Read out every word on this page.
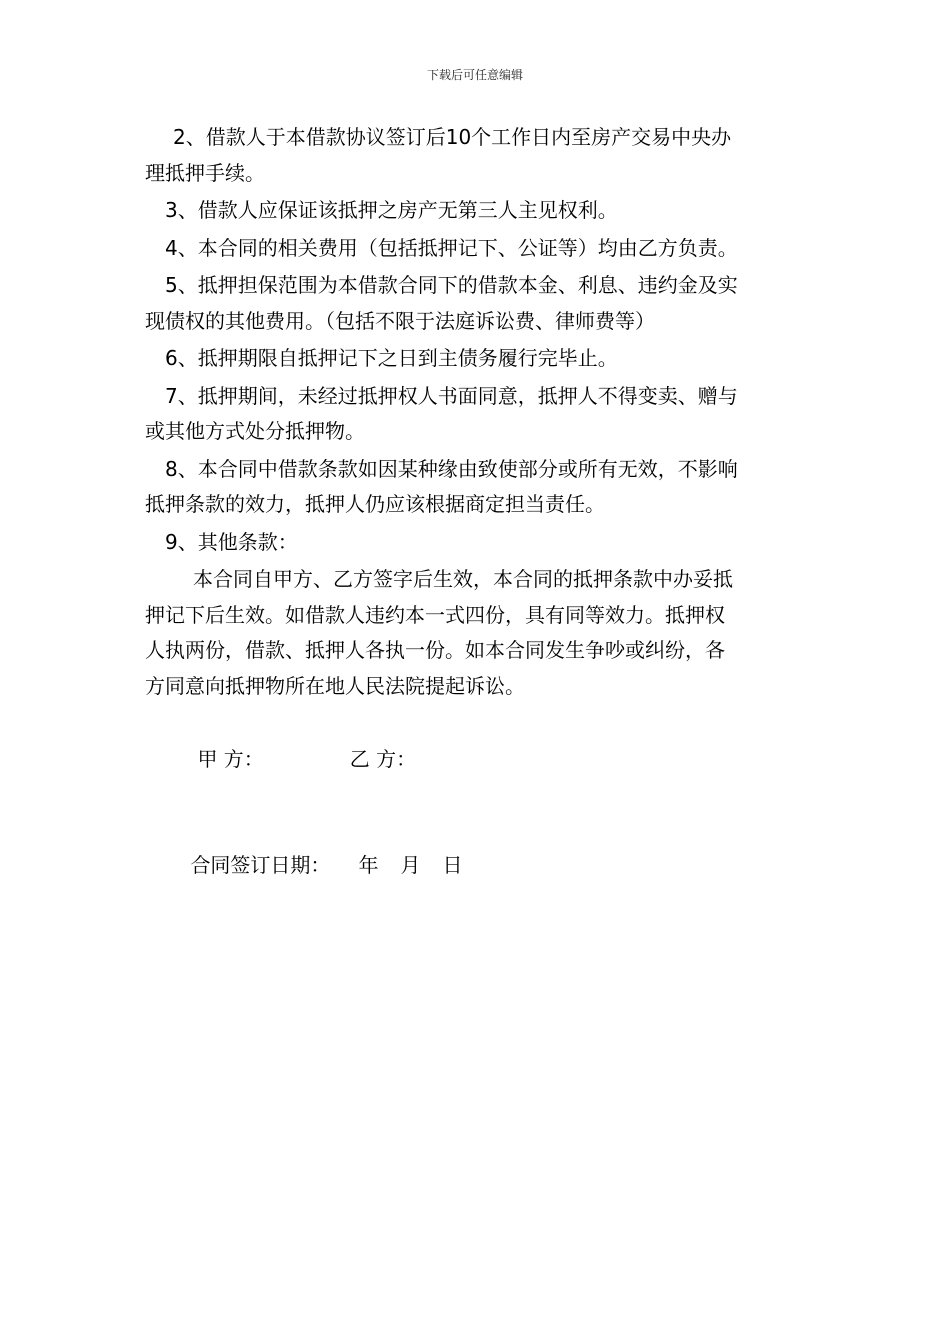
下载后可任意编辑
2、借款人于本借款协议签订后10个工作日内至房产交易中央办
理抵押手续。
3、借款人应保证该抵押之房产无第三人主见权利。
4、本合同的相关费用（包括抵押记下、公证等）均由乙方负责。
5、抵押担保范围为本借款合同下的借款本金、利息、违约金及实
现债权的其他费用。（包括不限于法庭诉讼费、律师费等）
6、抵押期限自抵押记下之日到主债务履行完毕止。
7、抵押期间，未经过抵押权人书面同意，抵押人不得变卖、赠与
或其他方式处分抵押物。
8、本合同中借款条款如因某种缘由致使部分或所有无效，不影响
抵押条款的效力，抵押人仍应该根据商定担当责任。
9、其他条款：
本合同自甲方、乙方签字后生效，本合同的抵押条款中办妥抵
押记下后生效。如借款人违约本一式四份，具有同等效力。抵押权
人执两份，借款、抵押人各执一份。如本合同发生争吵或纠纷，各
方同意向抵押物所在地人民法院提起诉讼。

甲 方：	乙 方：

合同签订日期： 年 月 日
